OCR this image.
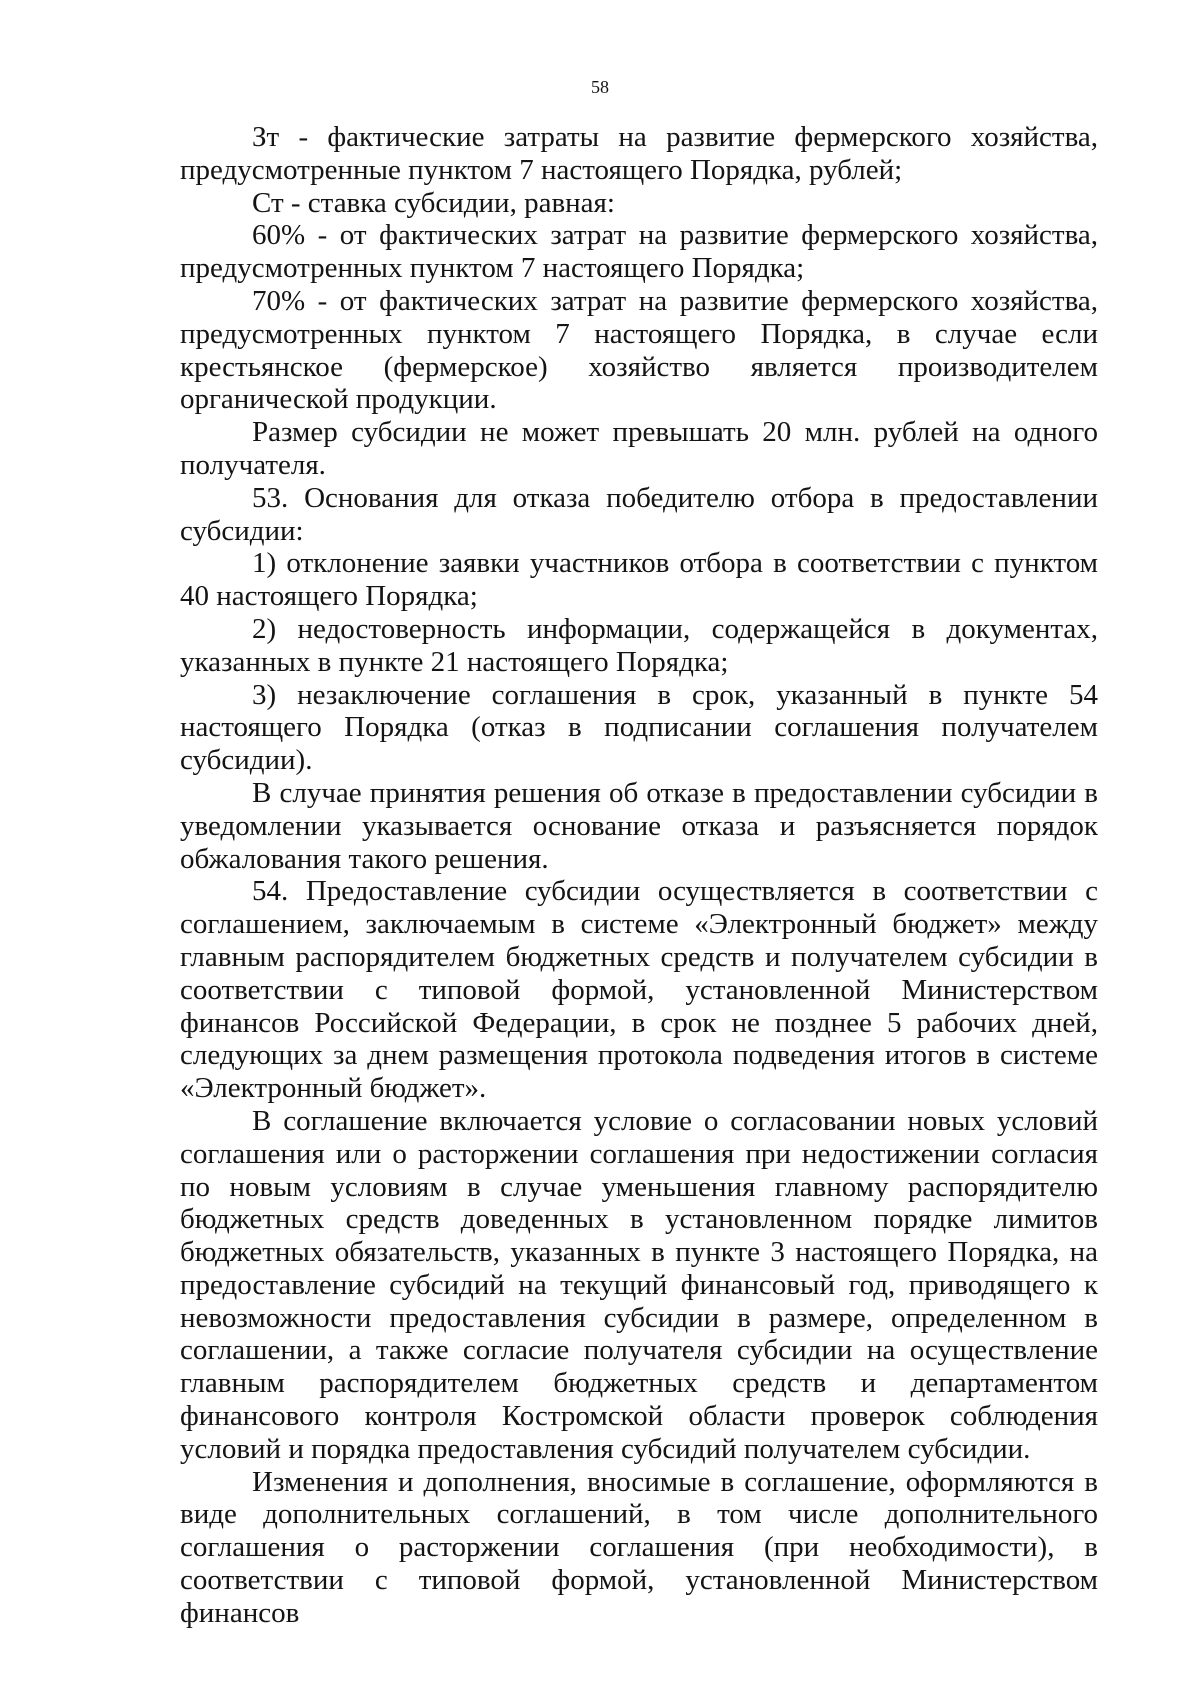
58

Зт - фактические затраты на развитие фермерского хозяйства, предусмотренные пунктом 7 настоящего Порядка, рублей;

Ст - ставка субсидии, равная:

60% - от фактических затрат на развитие фермерского хозяйства, предусмотренных пунктом 7 настоящего Порядка;

70% - от фактических затрат на развитие фермерского хозяйства, предусмотренных пунктом 7 настоящего Порядка, в случае если крестьянское (фермерское) хозяйство является производителем органической продукции.

Размер субсидии не может превышать 20 млн. рублей на одного получателя.

53. Основания для отказа победителю отбора в предоставлении субсидии:

1) отклонение заявки участников отбора в соответствии с пунктом 40 настоящего Порядка;

2) недостоверность информации, содержащейся в документах, указанных в пункте 21 настоящего Порядка;

3) незаключение соглашения в срок, указанный в пункте 54 настоящего Порядка (отказ в подписании соглашения получателем субсидии).

В случае принятия решения об отказе в предоставлении субсидии в уведомлении указывается основание отказа и разъясняется порядок обжалования такого решения.

54. Предоставление субсидии осуществляется в соответствии с соглашением, заключаемым в системе «Электронный бюджет» между главным распорядителем бюджетных средств и получателем субсидии в соответствии с типовой формой, установленной Министерством финансов Российской Федерации, в срок не позднее 5 рабочих дней, следующих за днем размещения протокола подведения итогов в системе «Электронный бюджет».

В соглашение включается условие о согласовании новых условий соглашения или о расторжении соглашения при недостижении согласия по новым условиям в случае уменьшения главному распорядителю бюджетных средств доведенных в установленном порядке лимитов бюджетных обязательств, указанных в пункте 3 настоящего Порядка, на предоставление субсидий на текущий финансовый год, приводящего к невозможности предоставления субсидии в размере, определенном в соглашении, а также согласие получателя субсидии на осуществление главным распорядителем бюджетных средств и департаментом финансового контроля Костромской области проверок соблюдения условий и порядка предоставления субсидий получателем субсидии.

Изменения и дополнения, вносимые в соглашение, оформляются в виде дополнительных соглашений, в том числе дополнительного соглашения о расторжении соглашения (при необходимости), в соответствии с типовой формой, установленной Министерством финансов
